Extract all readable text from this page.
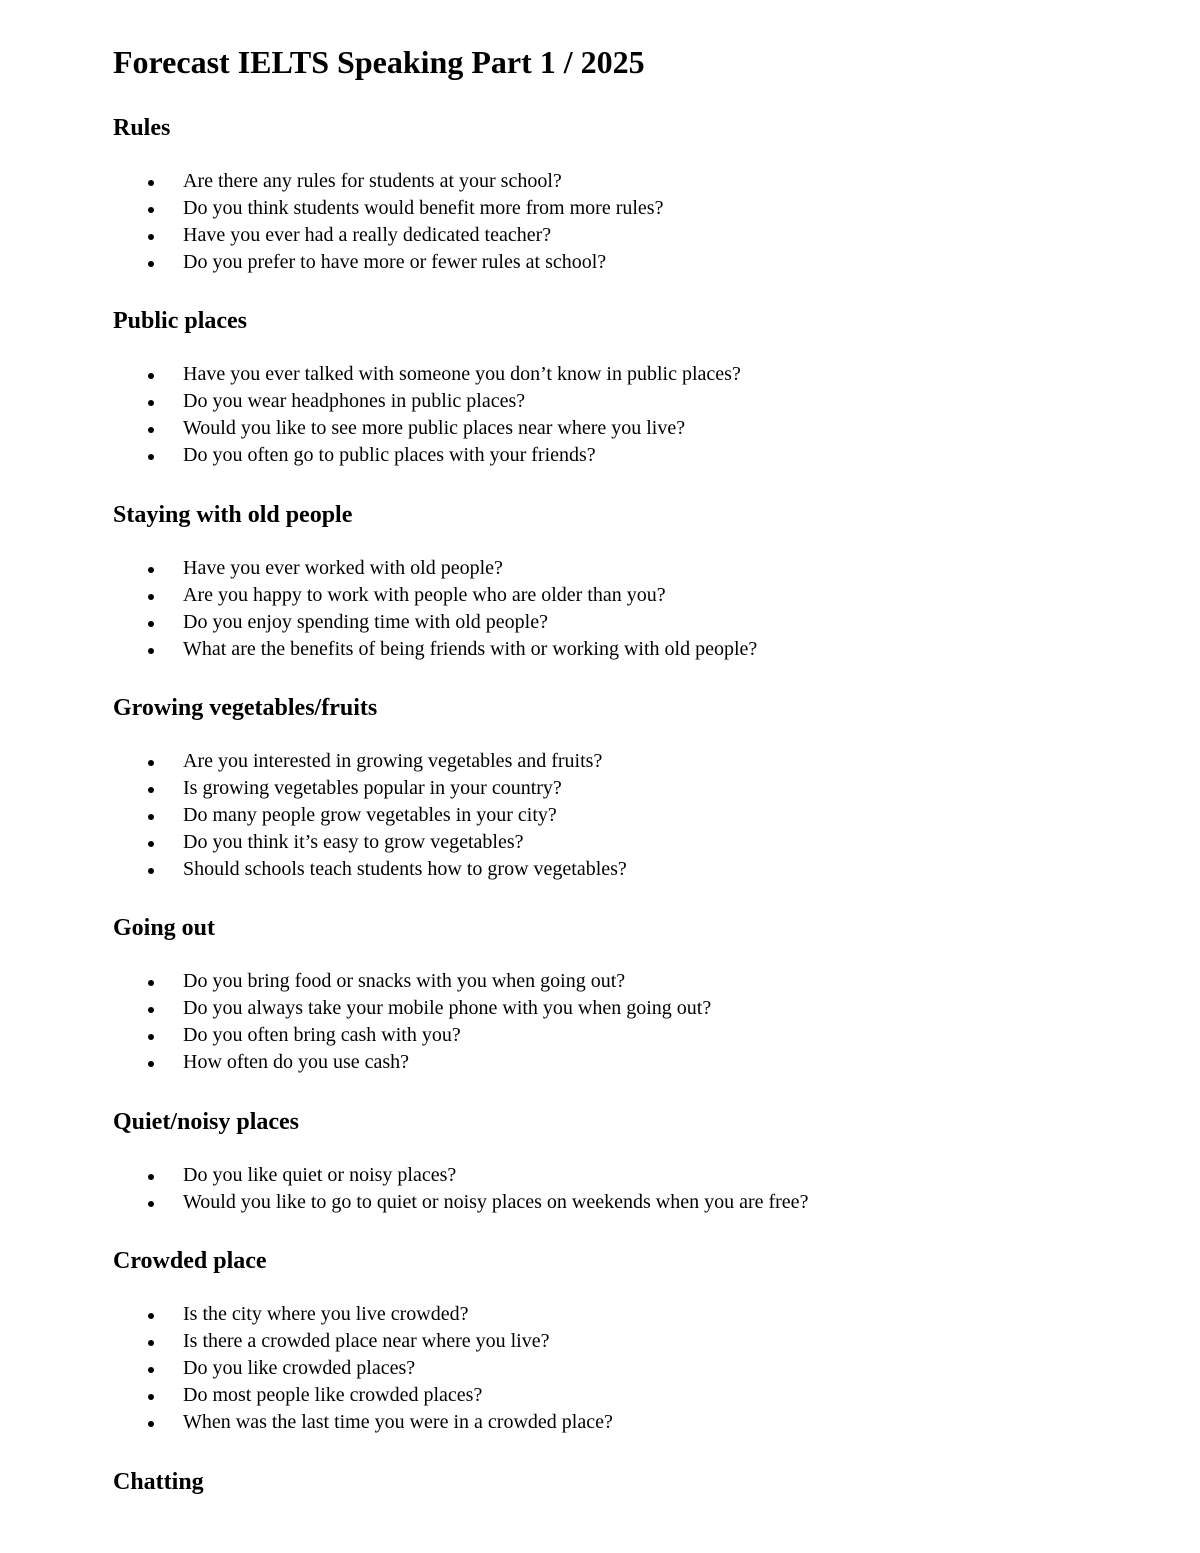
Forecast IELTS Speaking Part 1 / 2025
Rules
Are there any rules for students at your school?
Do you think students would benefit more from more rules?
Have you ever had a really dedicated teacher?
Do you prefer to have more or fewer rules at school?
Public places
Have you ever talked with someone you don’t know in public places?
Do you wear headphones in public places?
Would you like to see more public places near where you live?
Do you often go to public places with your friends?
Staying with old people
Have you ever worked with old people?
Are you happy to work with people who are older than you?
Do you enjoy spending time with old people?
What are the benefits of being friends with or working with old people?
Growing vegetables/fruits
Are you interested in growing vegetables and fruits?
Is growing vegetables popular in your country?
Do many people grow vegetables in your city?
Do you think it’s easy to grow vegetables?
Should schools teach students how to grow vegetables?
Going out
Do you bring food or snacks with you when going out?
Do you always take your mobile phone with you when going out?
Do you often bring cash with you?
How often do you use cash?
Quiet/noisy places
Do you like quiet or noisy places?
Would you like to go to quiet or noisy places on weekends when you are free?
Crowded place
Is the city where you live crowded?
Is there a crowded place near where you live?
Do you like crowded places?
Do most people like crowded places?
When was the last time you were in a crowded place?
Chatting
